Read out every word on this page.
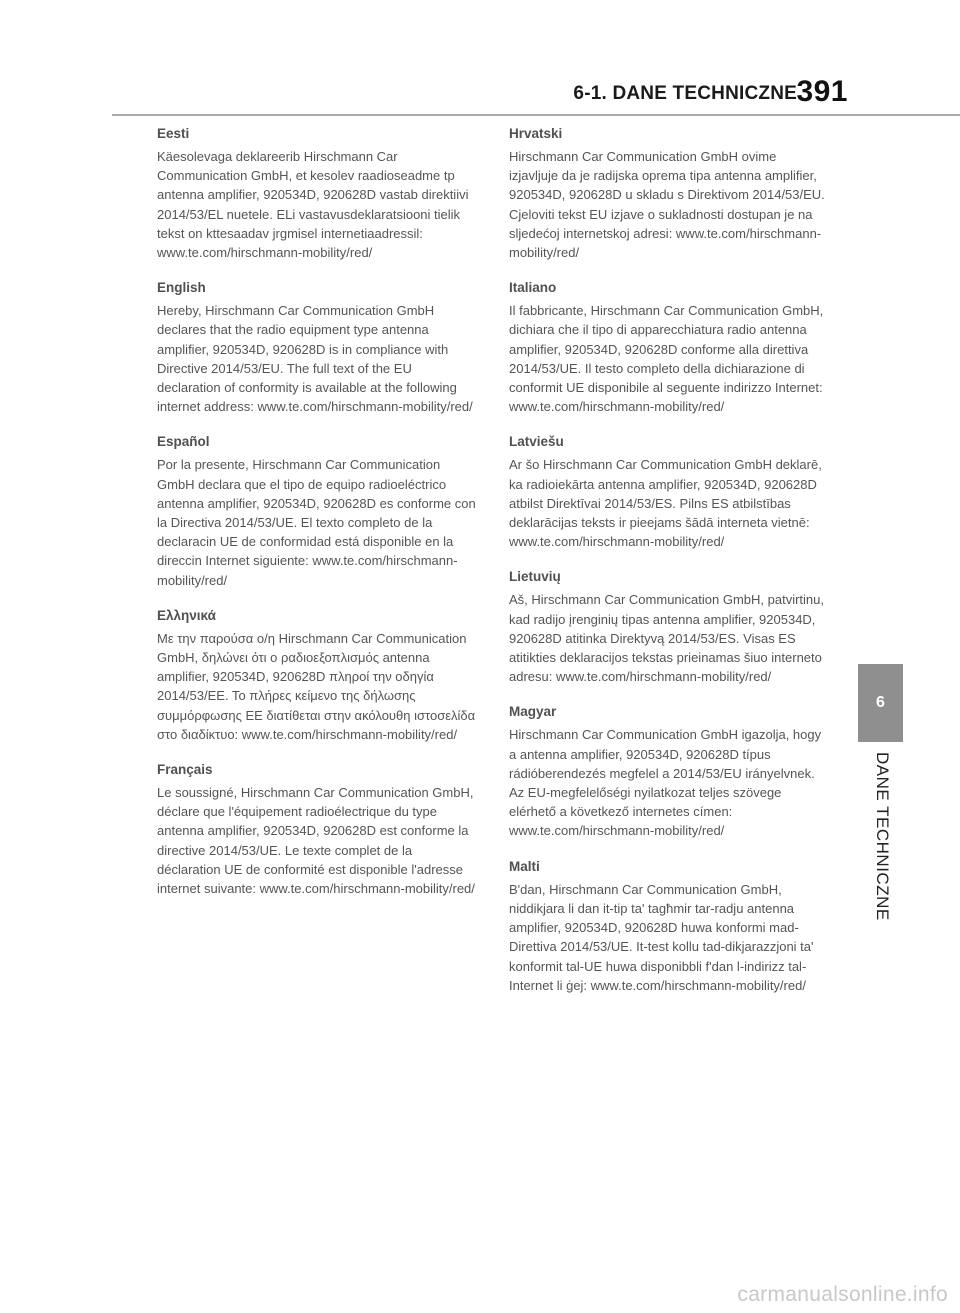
6-1. DANE TECHNICZNE 391
Eesti

Käesolevaga deklareerib Hirschmann Car Communication GmbH, et kesolev raadioseadme tp antenna amplifier, 920534D, 920628D vastab direktiivi 2014/53/EL nuetele. ELi vastavusdeklaratsiooni tielik tekst on kttesaadav jrgmisel internetiaadressil: www.te.com/hirschmann-mobility/red/

English

Hereby, Hirschmann Car Communication GmbH declares that the radio equipment type antenna amplifier, 920534D, 920628D is in compliance with Directive 2014/53/EU. The full text of the EU declaration of conformity is available at the following internet address: www.te.com/hirschmann-mobility/red/

Español

Por la presente, Hirschmann Car Communication GmbH declara que el tipo de equipo radioeléctrico antenna amplifier, 920534D, 920628D es conforme con la Directiva 2014/53/UE. El texto completo de la declaracin UE de conformidad está disponible en la direccin Internet siguiente: www.te.com/hirschmann-mobility/red/

Ελληνικά

Με την παρούσα ο/η Hirschmann Car Communication GmbH, δηλώνει ότι ο ραδιοεξοπλισμός antenna amplifier, 920534D, 920628D πληροί την οδηγία 2014/53/ΕΕ. Το πλήρες κείμενο της δήλωσης συμμόρφωσης ΕΕ διατίθεται στην ακόλουθη ιστοσελίδα στο διαδίκτυο: www.te.com/hirschmann-mobility/red/

Français

Le soussigné, Hirschmann Car Communication GmbH, déclare que l'équipement radioélectrique du type antenna amplifier, 920534D, 920628D est conforme la directive 2014/53/UE. Le texte complet de la déclaration UE de conformité est disponible l'adresse internet suivante: www.te.com/hirschmann-mobility/red/

Hrvatski

Hirschmann Car Communication GmbH ovime izjavljuje da je radijska oprema tipa antenna amplifier, 920534D, 920628D u skladu s Direktivom 2014/53/EU. Cjeloviti tekst EU izjave o sukladnosti dostupan je na sljedećoj internetskoj adresi: www.te.com/hirschmann-mobility/red/

Italiano

Il fabbricante, Hirschmann Car Communication GmbH, dichiara che il tipo di apparecchiatura radio antenna amplifier, 920534D, 920628D conforme alla direttiva 2014/53/UE. Il testo completo della dichiarazione di conformit UE disponibile al seguente indirizzo Internet: www.te.com/hirschmann-mobility/red/

Latviešu

Ar šo Hirschmann Car Communication GmbH deklarē, ka radioiekārta antenna amplifier, 920534D, 920628D atbilst Direktīvai 2014/53/ES. Pilns ES atbilstības deklarācijas teksts ir pieejams šādā interneta vietnē: www.te.com/hirschmann-mobility/red/

Lietuvių

Aš, Hirschmann Car Communication GmbH, patvirtinu, kad radijo įrenginių tipas antenna amplifier, 920534D, 920628D atitinka Direktyvą 2014/53/ES. Visas ES atitikties deklaracijos tekstas prieinamas šiuo interneto adresu: www.te.com/hirschmann-mobility/red/

Magyar

Hirschmann Car Communication GmbH igazolja, hogy a antenna amplifier, 920534D, 920628D típus rádióberendezés megfelel a 2014/53/EU irányelvnek. Az EU-megfelelőségi nyilatkozat teljes szövege elérhető a következő internetes címen: www.te.com/hirschmann-mobility/red/

Malti

B'dan, Hirschmann Car Communication GmbH, niddikjara li dan it-tip ta' tagħmir tar-radju antenna amplifier, 920534D, 920628D huwa konformi mad-Direttiva 2014/53/UE. It-test kollu tad-dikjarazzjoni ta' konformit tal-UE huwa disponibbli f'dan l-indirizz tal-Internet li ġej: www.te.com/hirschmann-mobility/red/

6
DANE TECHNICZNE
carmanualsonline.info
